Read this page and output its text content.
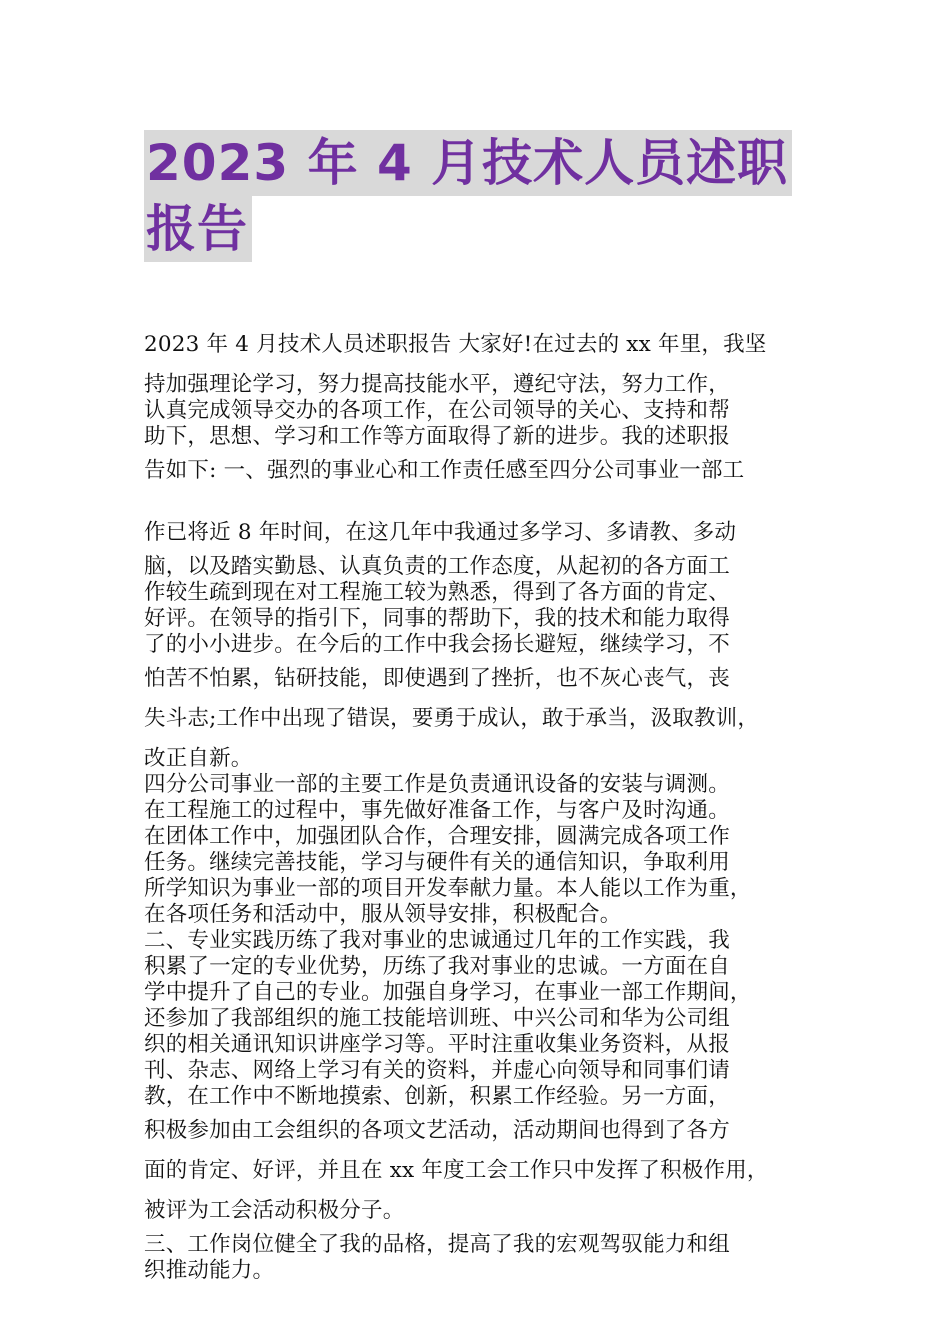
2023 年 4 月技术人员述职
报告
2023 年 4 月技术人员述职报告 大家好!在过去的 xx 年里，我坚
持加强理论学习，努力提高技能水平，遵纪守法，努力工作，
认真完成领导交办的各项工作，在公司领导的关心、支持和帮
助下，思想、学习和工作等方面取得了新的进步。我的述职报
告如下: 一、强烈的事业心和工作责任感至四分公司事业一部工
作已将近 8 年时间，在这几年中我通过多学习、多请教、多动
脑，以及踏实勤恳、认真负责的工作态度，从起初的各方面工
作较生疏到现在对工程施工较为熟悉，得到了各方面的肯定、
好评。在领导的指引下，同事的帮助下，我的技术和能力取得
了的小小进步。在今后的工作中我会扬长避短，继续学习，不
怕苦不怕累，钻研技能，即使遇到了挫折，也不灰心丧气，丧
失斗志;工作中出现了错误，要勇于成认，敢于承当，汲取教训，
改正自新。
四分公司事业一部的主要工作是负责通讯设备的安装与调测。
在工程施工的过程中，事先做好准备工作，与客户及时沟通。
在团体工作中，加强团队合作，合理安排，圆满完成各项工作
任务。继续完善技能，学习与硬件有关的通信知识，争取利用
所学知识为事业一部的项目开发奉献力量。本人能以工作为重，
在各项任务和活动中，服从领导安排，积极配合。
二、专业实践历练了我对事业的忠诚通过几年的工作实践，我
积累了一定的专业优势，历练了我对事业的忠诚。一方面在自
学中提升了自己的专业。加强自身学习，在事业一部工作期间，
还参加了我部组织的施工技能培训班、中兴公司和华为公司组
织的相关通讯知识讲座学习等。平时注重收集业务资料，从报
刊、杂志、网络上学习有关的资料，并虚心向领导和同事们请
教，在工作中不断地摸索、创新，积累工作经验。另一方面，
积极参加由工会组织的各项文艺活动，活动期间也得到了各方
面的肯定、好评，并且在 xx 年度工会工作只中发挥了积极作用，
被评为工会活动积极分子。
三、工作岗位健全了我的品格，提高了我的宏观驾驭能力和组
织推动能力。
